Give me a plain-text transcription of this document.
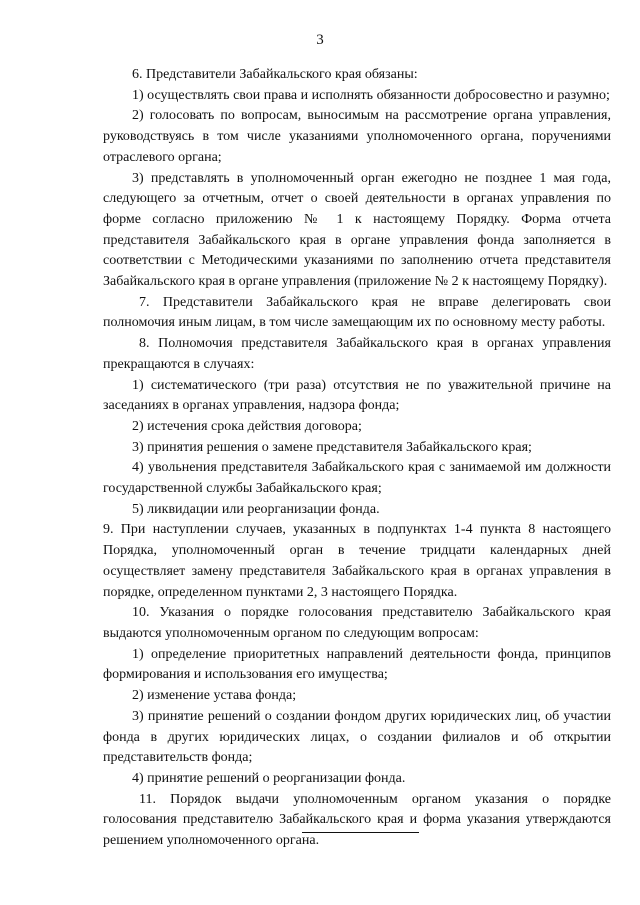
3

6. Представители Забайкальского края обязаны:

1) осуществлять свои права и исполнять обязанности добросовестно и разумно;

2) голосовать по вопросам, выносимым на рассмотрение органа управления, руководствуясь в том числе указаниями уполномоченного органа, поручениями отраслевого органа;

3) представлять в уполномоченный орган ежегодно не позднее 1 мая года, следующего за отчетным, отчет о своей деятельности в органах управления по форме согласно приложению № 1 к настоящему Порядку. Форма отчета представителя Забайкальского края в органе управления фонда заполняется в соответствии с Методическими указаниями по заполнению отчета представителя Забайкальского края в органе управления (приложение № 2 к настоящему Порядку).

7. Представители Забайкальского края не вправе делегировать свои полномочия иным лицам, в том числе замещающим их по основному месту работы.

8. Полномочия представителя Забайкальского края в органах управления прекращаются в случаях:

1) систематического (три раза) отсутствия не по уважительной причине на заседаниях в органах управления, надзора фонда;

2) истечения срока действия договора;

3) принятия решения о замене представителя Забайкальского края;

4) увольнения представителя Забайкальского края с занимаемой им должности государственной службы Забайкальского края;

5) ликвидации или реорганизации фонда.

9. При наступлении случаев, указанных в подпунктах 1-4 пункта 8 настоящего Порядка, уполномоченный орган в течение тридцати календарных дней осуществляет замену представителя Забайкальского края в органах управления в порядке, определенном пунктами 2, 3 настоящего Порядка.

10. Указания о порядке голосования представителю Забайкальского края выдаются уполномоченным органом по следующим вопросам:

1) определение приоритетных направлений деятельности фонда, принципов формирования и использования его имущества;

2) изменение устава фонда;

3) принятие решений о создании фондом других юридических лиц, об участии фонда в других юридических лицах, о создании филиалов и об открытии представительств фонда;

4) принятие решений о реорганизации фонда.

11. Порядок выдачи уполномоченным органом указания о порядке голосования представителю Забайкальского края и форма указания утверждаются решением уполномоченного органа.
